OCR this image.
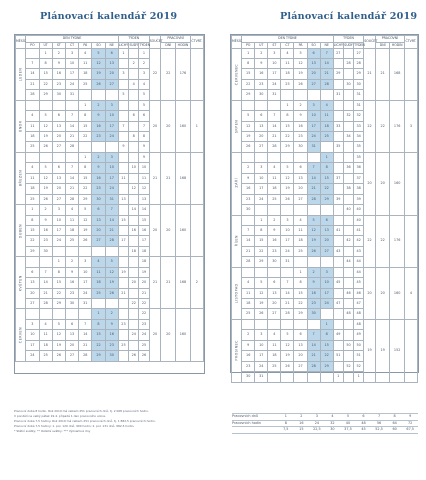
Plánovací kalendář 2019
MĚSÍC	DEN TÝDNE							TÝDEN			SOUČET	PRACOVNÍ		ČTVRT.
	PO	ÚT	ST	ČT	PÁ	SO	NE	LICHÝ	SUDÝ	TÝDEN		DNÍ	HODIN	
LEDEN		1	2	3	4	5	6	1		1	22	22	176	
	7	8	9	10	11	12	13		2	2				
	14	15	16	17	18	19	20	3		3				
	21	22	23	24	25	26	27		4	4				
	28	29	30	31				5		5				
ÚNOR					1	2	3			5	20	20	160	1
	4	5	6	7	8	9	10		6	6				
	11	12	13	14	15	16	17	7		7				
	18	19	20	21	22	23	24		8	8				
	25	26	27	28				9		9				
BŘEZEN					1	2	3			9	21	21	168	
	4	5	6	7	8	9	10		10	10				
	11	12	13	14	15	16	17	11		11				
	18	19	20	21	22	23	24		12	12				
	25	26	27	28	29	30	31	13		13				
DUBEN	1	2	3	4	5	6	7		14	14	20	20	160	
	8	9	10	11	12	13	14	15		15				
	15	16	17	18	19	20	21		16	16				
	22	23	24	25	26	27	28	17		17				
	29	30							18	18				
KVĚTEN			1	2	3	4	5			18	21	21	168	2
	6	7	8	9	10	11	12	19		19				
	13	14	15	16	17	18	19		20	20				
	20	21	22	23	24	25	26	21		21				
	27	28	29	30	31				22	22				
ČERVEN						1	2			22	20	20	160	
	3	4	5	6	7	8	9	23		23				
	10	11	12	13	14	15	16		24	24				
	17	18	19	20	21	22	23	25		25				
	24	25	26	27	28	29	30		26	26				

Pracovní doba 8 hodin. Rok 2019 má celkem 251 pracovních dnů, tj. 2 008 pracovních hodin.

V pondělí na velký pátek 19.4. připadá 1 den pracovního volna.

Pracovní doba 7,5 hodiny. Rok 2019 má celkem 251 pracovních dnů, tj. 1 882,5 pracovních hodin.

Pracovní doba 7,5 hodiny: 1. pol. 120 dnů, 900 hodin; 2. pol. 131 dnů, 982,5 hodin.

* Státní svátky; ** Ostatní svátky; *** Významné dny

Plánovací kalendář 2019
MĚSÍC	DEN TÝDNE							TÝDEN			SOUČET	PRACOVNÍ		ČTVRT.
	PO	ÚT	ST	ČT	PÁ	SO	NE	LICHÝ	SUDÝ	TÝDEN		DNÍ	HODIN	
ČERVENEC	1	2	3	4	5	6	7	27		27	21	21	168	
	8	9	10	11	12	13	14		28	28				
	15	16	17	18	19	20	21	29		29				
	22	23	24	25	26	27	28		30	30				
	29	30	31					31		31				
SRPEN				1	2	3	4			31	22	22	176	3
	5	6	7	8	9	10	11		32	32				
	12	13	14	15	16	17	18	33		33				
	19	20	21	22	23	24	25		34	34				
	26	27	28	29	30	31		35		35				
ZÁŘÍ							1			35	20	20	160	
	2	3	4	5	6	7	8		36	36				
	9	10	11	12	13	14	15	37		37				
	16	17	18	19	20	21	22		38	38				
	23	24	25	26	27	28	29	39		39				
	30								40	40				
ŘÍJEN		1	2	3	4	5	6			40	22	22	176	
	7	8	9	10	11	12	13	41		41				
	14	15	16	17	18	19	20		42	42				
	21	22	23	24	25	26	27	43		43				
	28	29	30	31					44	44				
LISTOPAD					1	2	3			44	20	20	160	4
	4	5	6	7	8	9	10	45		45				
	11	12	13	14	15	16	17		46	46				
	18	19	20	21	22	23	24	47		47				
	25	26	27	28	29	30			48	48				
PROSINEC							1			48	19	19	152	
	2	3	4	5	6	7	8	49		49				
	9	10	11	12	13	14	15		50	50				
	16	17	18	19	20	21	22	51		51				
	23	24	25	26	27	28	29		52	52				
	30	31						1		1				
Pracovních dnů	1	2	3	4	5	6	7	8	9
Pracovních hodin	8	16	24	32	40	48	56	64	72
	7,5	15	22,5	30	37,5	45	52,5	60	67,5
